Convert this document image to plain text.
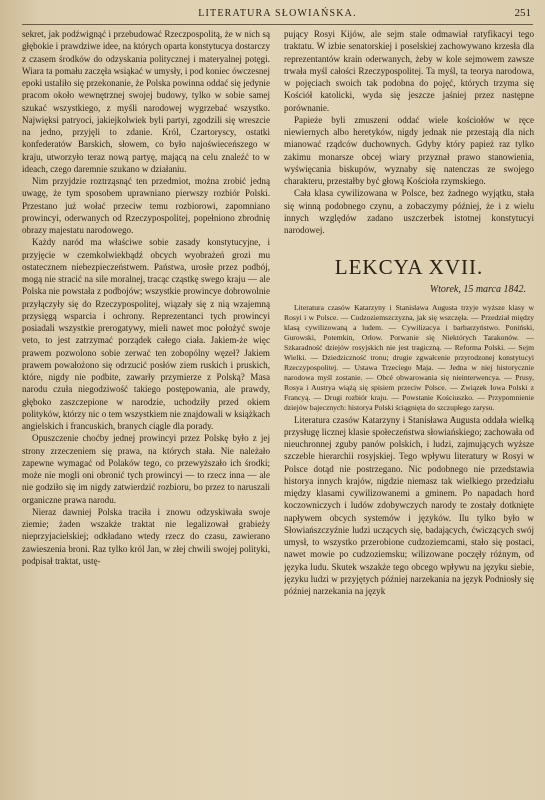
LITERATURA SŁOWIAŃSKA.	251

sekret, jak podźwignąć i przebudować Rzeczpospolitą, że w nich są głębokie i prawdziwe idee, na których oparta konstytucya dostarczy z czasem środków do odzyskania politycznej i materyalnej potęgi. Wiara ta pomału zaczęła wsiąkać w umysły, i pod koniec ówczesnej epoki ustaliło się przekonanie, że Polska powinna oddać się jedynie pracom około wewnętrznej swojej budowy, tylko w sobie samej szukać wszystkiego, z myśli narodowej wygrzebać wszystko. Najwięksi patryoci, jakiejkolwiek byli partyi, zgodzili się wreszcie na jedno, przyjęli to zdanie. Król, Czartoryscy, ostatki konfederatów Barskich, słowem, co było najoświeceńszego w kraju, utworzyło teraz nową partyę, mającą na celu znaleźć to w ideach, czego daremnie szukano w działaniu.

Nim przyjdzie roztrząsnąć ten przedmiot, można zrobić jedną uwagę, że tym sposobem uprawniano pierwszy rozbiór Polski. Przestano już wołać przeciw temu rozbiorowi, zapomniano prowincyi, oderwanych od Rzeczypospolitej, popełniono zbrodnię obrazy majestatu narodowego.

Każdy naród ma właściwe sobie zasady konstytucyjne, i przyjęcie w czemkolwiekbądź obcych wyobrażeń grozi mu ostatecznem niebezpieczeństwem. Państwa, urosłe przez podbój, mogą nie stracić na sile moralnej, tracąc cząstkę swego kraju — ale Polska nie powstała z podbojów; wszystkie prowincye dobrowolnie przyłączyły się do Rzeczypospolitej, wiązały się z nią wzajemną przysięgą wsparcia i ochrony. Reprezentanci tych prowincyi posiadali wszystkie prerogatywy, mieli nawet moc położyć swoje veto, to jest zatrzymać porządek całego ciała. Jakiem-że więc prawem pozwolono sobie zerwać ten zobopólny węzeł? Jakiem prawem powałożono się odrzucić posłów ziem ruskich i pruskich, które, nigdy nie podbite, zawarły przymierze z Polską? Masa narodu czuła niegodziwość takiego postępowania, ale prawdy, głęboko zaszczepione w narodzie, uchodziły przed okiem polityków, którzy nic o tem wszystkiem nie znajdowali w książkach angielskich i francuskich, branych ciągle dla porady.

Opuszczenie choćby jednej prowincyi przez Polskę było z jej strony zrzeczeniem się prawa, na których stała. Nie należało zapewne wymagać od Polaków tego, co przewyższało ich środki; może nie mogli oni obronić tych prowincyi — to rzecz inna — ale nie godziło się im nigdy zatwierdzić rozbioru, bo przez to naruszali organiczne prawa narodu.

Nieraz dawniej Polska traciła i znowu odzyskiwała swoje ziemie; żaden wszakże traktat nie legalizował grabieży nieprzyjacielskiej; odkładano wtedy rzecz do czasu, zawierano zawieszenia broni. Raz tylko król Jan, w złej chwili swojej polityki, podpisał traktat, ustę-

pujący Rosyi Kijów, ale sejm stale odmawiał ratyfikacyi tego traktatu. W izbie senatorskiej i poselskiej zachowywano krzesła dla reprezentantów krain oderwanych, żeby w kole sejmowem zawsze trwała myśl całości Rzeczypospolitej. Ta myśl, ta teorya narodowa, w pojęciach swoich tak podobna do pojęć, których trzyma się Kościół katolicki, wyda się jeszcze jaśniej przez następne porównanie.

Papieże byli zmuszeni oddać wiele kościołów w ręce niewiernych albo heretyków, nigdy jednak nie przestają dla nich mianować rządców duchownych. Gdyby który papież raz tylko zakimu monarsze obcej wiary przyznał prawo stanowienia, wyświęcania biskupów, wyznaby się natenczas ze swojego charakteru, przestałby być głową Kościoła rzymskiego.

Cała klasa cywilizowana w Polsce, bez żadnego wyjątku, stała się winną podobnego czynu, a zobaczymy później, że i z wielu innych względów zadano uszczerbek istotnej konstytucyi narodowej.

LEKCYA XVII.
Wtorek, 15 marca 1842.

Literatura czasów Katarzyny i Stanisława Augusta trzyje wyższe klasy w Rosyi i w Polsce. — Cudzoziemszczyzna, jak się wszczęła. — Przedział między klasą cywilizowaną a ludem. — Cywilizacya i barbarzyństwo. Poniński, Gurowski, Potemkin, Orłow. Porwanie się Niektórych Tarakonów. — Szkaradność dziejów rosyjskich nie jest tragiczną. — Reforma Polski. — Sejm Wielki. — Dziedziczność tronu; drugie zgwałcenie przyrodzonej konstytucyi Rzeczypospolitej. — Ustawa Trzeciego Maja. — Jedna w niej historycznie narodowa myśl zostanie. — Obcé obwarowania się nieinterwencya. — Prusy, Rosya i Austrya wiążą się spisiem przeciw Polsce. — Związek Iowa Polski z Francyą. — Drugi rozbiór kraju. — Powstanie Kościuszko. — Przypomnienie dziejów bajecznych: historya Polski ściągnięta do szczupłego zarysu.

Literatura czasów Katarzyny i Stanisława Augusta oddała wielką przysługę licznej klasie społeczeństwa słowiańskiego; zachowała od nieuchronnej zguby panów polskich, i ludzi, zajmujących wyższe szczeble hierarchii rosyjskiej. Tego wpływu literatury w Rosyi w Polsce dotąd nie postrzegano. Nic podobnego nie przedstawia historya innych krajów, nigdzie niemasz tak wielkiego przedziału między klasami cywilizowanemi a gminem. Po napadach hord koczowniczych i ludów zdobywczych narody te zostały dotknięte napływem obcych systemów i języków. Ilu tylko było w Słowiańszczyźnie ludzi uczących się, badających, ćwiczących swój umysł, to wszystko przerobione cudzoziemcami, stało się postaci, nawet mowie po cudzoziemsku; wilizowane poczęły różnym, od języka ludu. Skutek wszakże tego obcego wpływu na języku siebie, języku ludzi w przyjętych później narzekania na język Podniosły się później narzekania na język
